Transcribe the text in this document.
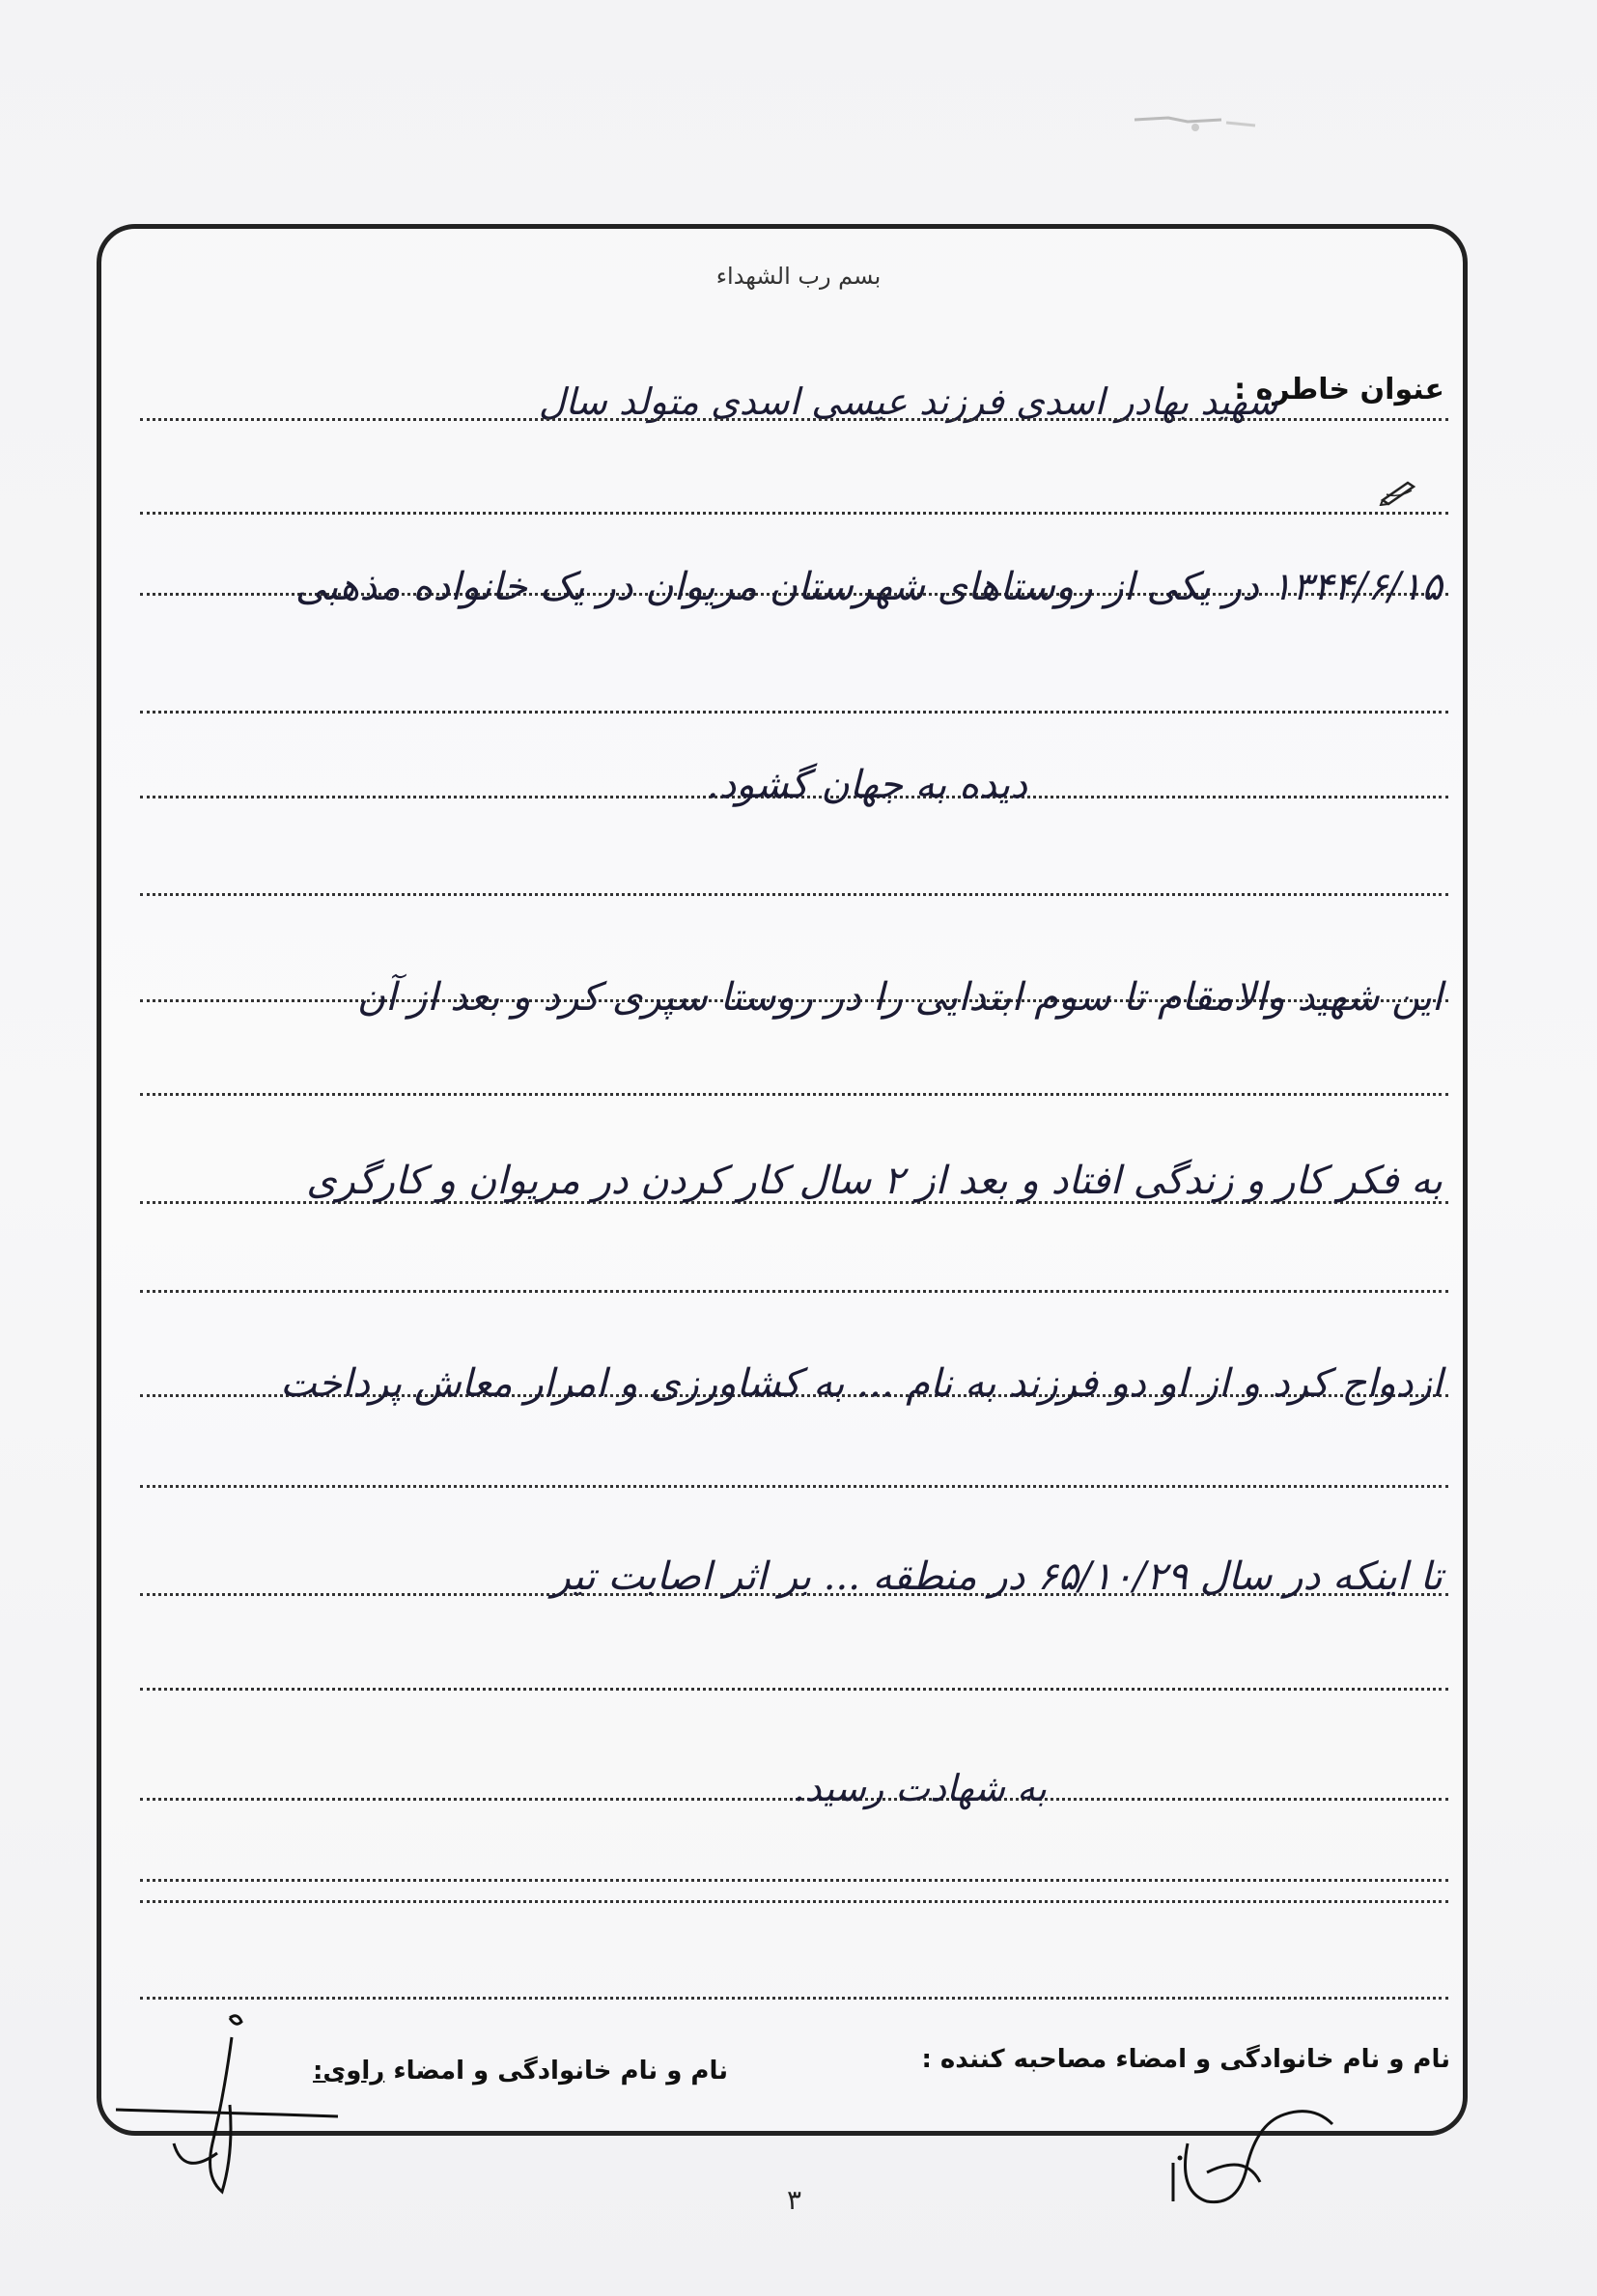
بسم رب الشهداء
عنوان خاطره :
شهید بهادر اسدی فرزند عیسی اسدی متولد سال
۱۳۴۴/۶/۱۵ در یکی از روستاهای شهرستان مریوان در یک خانواده مذهبی
دیده به جهان گشود.
این شهید والامقام تا سوم ابتدایی را در روستا سپری کرد و بعد از آن
به فکر کار و زندگی افتاد و بعد از ۲ سال کار کردن در مریوان و کارگری
ازدواج کرد و از او دو فرزند به نام ... به کشاورزی و امرار معاش پرداخت
تا اینکه در سال ۶۵/۱۰/۲۹ در منطقه ... بر اثر اصابت تیر
به شهادت رسید.
نام و نام خانوادگی و امضاء مصاحبه کننده :
نام و نام خانوادگی و امضاء راوی:
۳
